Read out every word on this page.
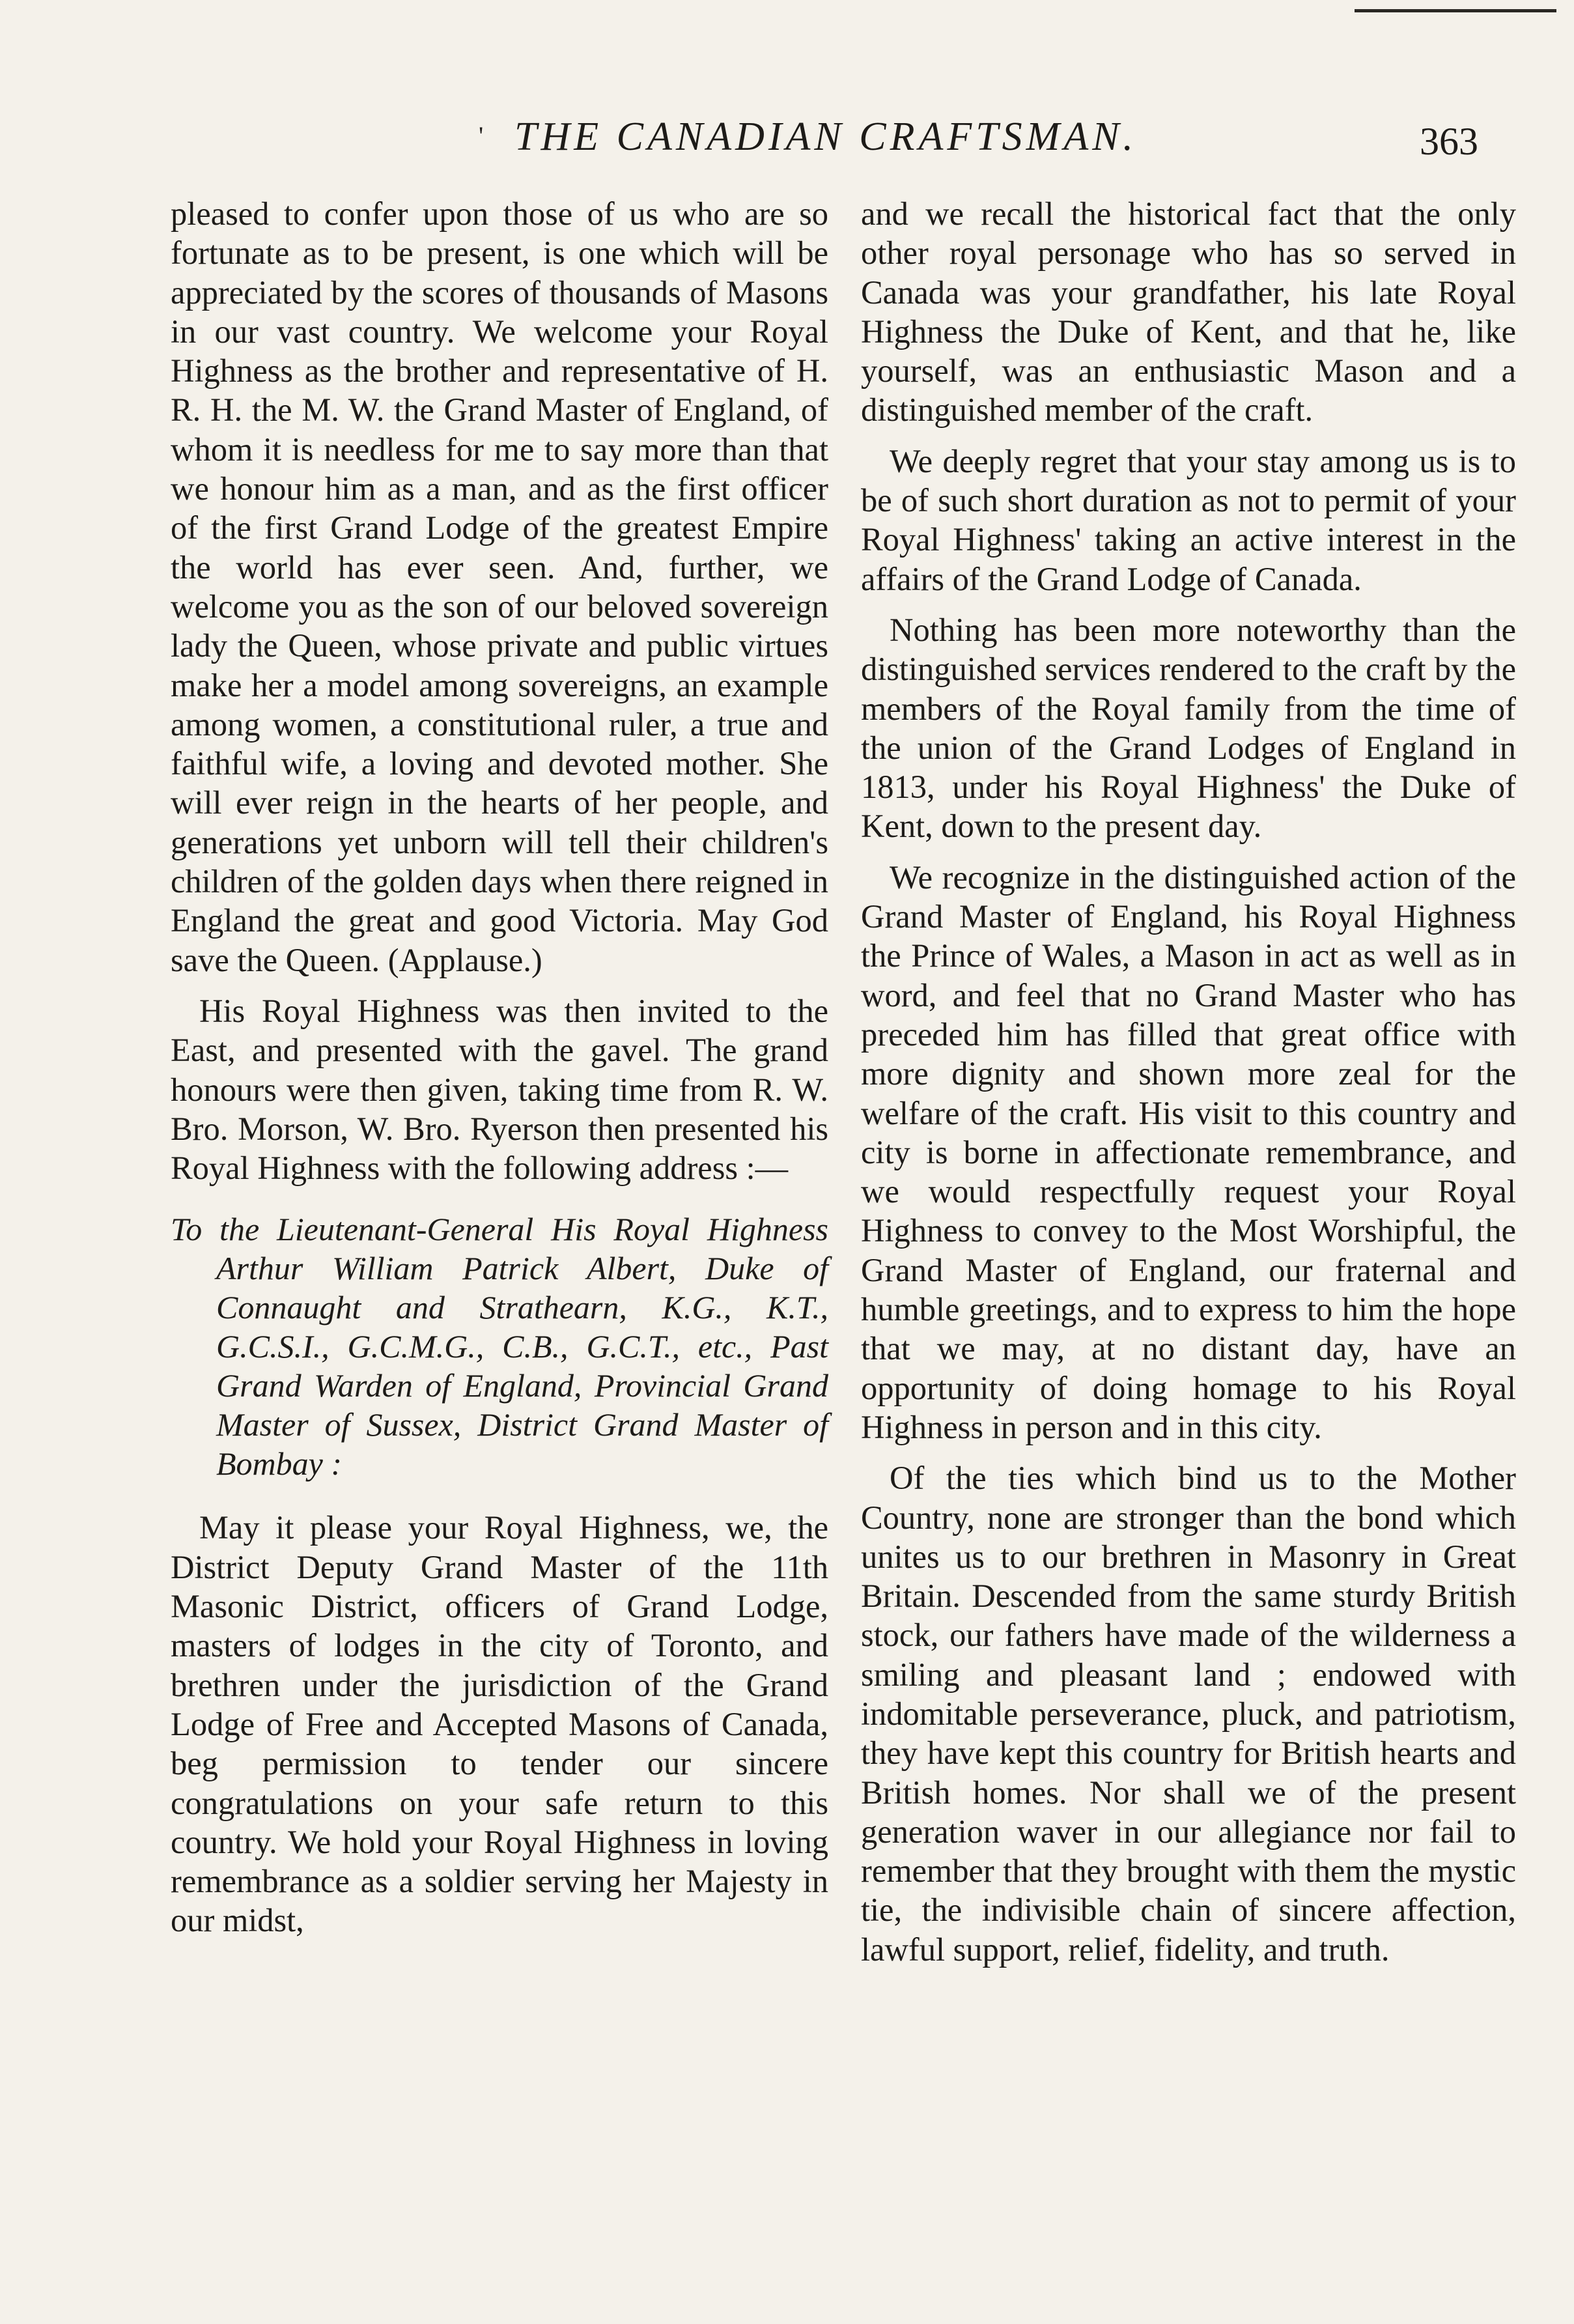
' THE CANADIAN CRAFTSMAN.	363

pleased to confer upon those of us who are so fortunate as to be present, is one which will be appreciated by the scores of thousands of Masons in our vast country. We welcome your Royal Highness as the brother and representative of H. R. H. the M. W. the Grand Master of England, of whom it is needless for me to say more than that we honour him as a man, and as the first officer of the first Grand Lodge of the greatest Empire the world has ever seen. And, further, we welcome you as the son of our beloved sovereign lady the Queen, whose private and public virtues make her a model among sovereigns, an example among women, a constitutional ruler, a true and faithful wife, a loving and devoted mother. She will ever reign in the hearts of her people, and generations yet unborn will tell their children's children of the golden days when there reigned in England the great and good Victoria. May God save the Queen. (Applause.)

His Royal Highness was then invited to the East, and presented with the gavel. The grand honours were then given, taking time from R. W. Bro. Morson, W. Bro. Ryerson then presented his Royal Highness with the following address :—

To the Lieutenant-General His Royal Highness Arthur William Patrick Albert, Duke of Connaught and Strathearn, K.G., K.T., G.C.S.I., G.C.M.G., C.B., G.C.T., etc., Past Grand Warden of England, Provincial Grand Master of Sussex, District Grand Master of Bombay :

May it please your Royal Highness, we, the District Deputy Grand Master of the 11th Masonic District, officers of Grand Lodge, masters of lodges in the city of Toronto, and brethren under the jurisdiction of the Grand Lodge of Free and Accepted Masons of Canada, beg permission to tender our sincere congratulations on your safe return to this country. We hold your Royal Highness in loving remembrance as a soldier serving her Majesty in our midst,

and we recall the historical fact that the only other royal personage who has so served in Canada was your grandfather, his late Royal Highness the Duke of Kent, and that he, like yourself, was an enthusiastic Mason and a distinguished member of the craft.

We deeply regret that your stay among us is to be of such short duration as not to permit of your Royal Highness' taking an active interest in the affairs of the Grand Lodge of Canada.

Nothing has been more noteworthy than the distinguished services rendered to the craft by the members of the Royal family from the time of the union of the Grand Lodges of England in 1813, under his Royal Highness' the Duke of Kent, down to the present day.

We recognize in the distinguished action of the Grand Master of England, his Royal Highness the Prince of Wales, a Mason in act as well as in word, and feel that no Grand Master who has preceded him has filled that great office with more dignity and shown more zeal for the welfare of the craft. His visit to this country and city is borne in affectionate remembrance, and we would respectfully request your Royal Highness to convey to the Most Worshipful, the Grand Master of England, our fraternal and humble greetings, and to express to him the hope that we may, at no distant day, have an opportunity of doing homage to his Royal Highness in person and in this city.

Of the ties which bind us to the Mother Country, none are stronger than the bond which unites us to our brethren in Masonry in Great Britain. Descended from the same sturdy British stock, our fathers have made of the wilderness a smiling and pleasant land ; endowed with indomitable perseverance, pluck, and patriotism, they have kept this country for British hearts and British homes. Nor shall we of the present generation waver in our allegiance nor fail to remember that they brought with them the mystic tie, the indivisible chain of sincere affection, lawful support, relief, fidelity, and truth.
